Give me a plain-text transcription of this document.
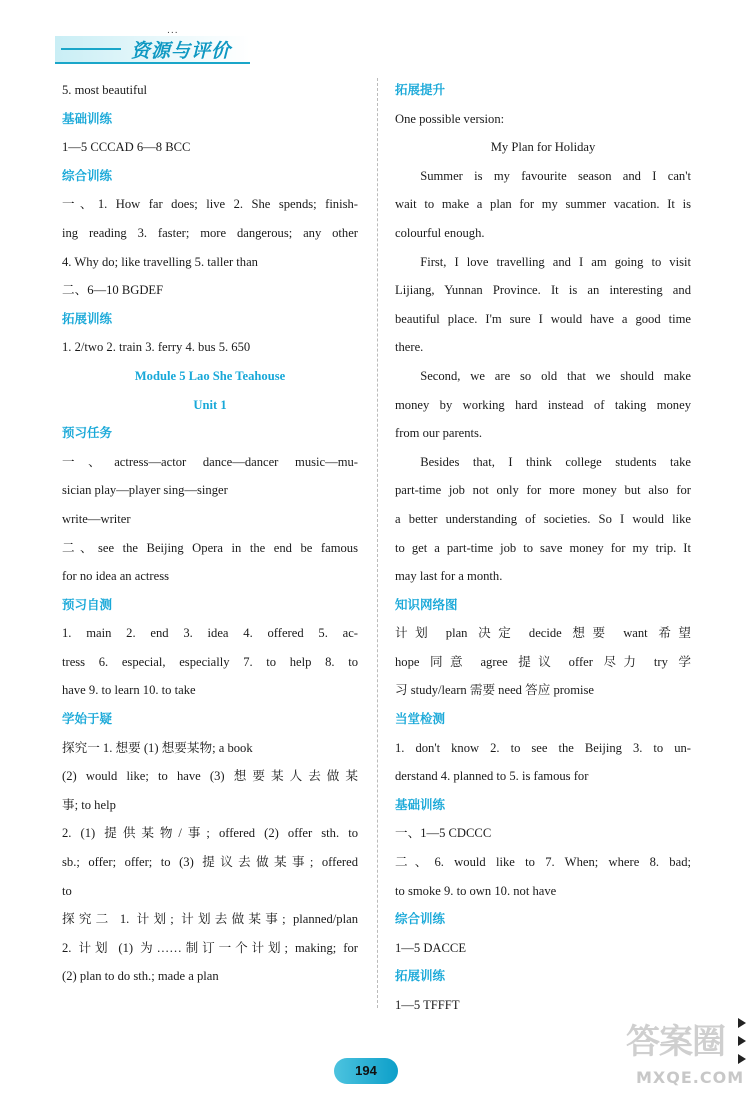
...
资源与评价
5. most beautiful
基础训练
1—5 CCCAD 6—8 BCC
综合训练
一、1. How far does; live 2. She spends; finish-
ing reading 3. faster; more dangerous; any other
4. Why do; like travelling 5. taller than
二、6—10 BGDEF
拓展训练
1. 2/two 2. train 3. ferry 4. bus 5. 650
Module 5 Lao She Teahouse
Unit 1
预习任务
一、actress—actor dance—dancer music—mu-
sician play—player sing—singer
write—writer
二、see the Beijing Opera in the end be famous
for no idea an actress
预习自测
1. main 2. end 3. idea 4. offered 5. ac-
tress 6. especial, especially 7. to help 8. to
have 9. to learn 10. to take
学始于疑
探究一 1. 想要 (1) 想要某物; a book
(2) would like; to have (3) 想要某人去做某
事; to help
2. (1) 提供某物/事; offered (2) offer sth. to
sb.; offer; offer; to (3) 提议去做某事; offered
to
探究二 1. 计划; 计划去做某事; planned/plan
2. 计划 (1) 为……制订一个计划; making; for
(2) plan to do sth.; made a plan
拓展提升
One possible version:
My Plan for Holiday
Summer is my favourite season and I can't
wait to make a plan for my summer vacation. It is
colourful enough.
First, I love travelling and I am going to visit
Lijiang, Yunnan Province. It is an interesting and
beautiful place. I'm sure I would have a good time
there.
Second, we are so old that we should make
money by working hard instead of taking money
from our parents.
Besides that, I think college students take
part-time job not only for more money but also for
a better understanding of societies. So I would like
to get a part-time job to save money for my trip. It
may last for a month.
知识网络图
计划 plan 决定 decide 想要 want 希望
hope 同意 agree 提议 offer 尽力 try 学
习 study/learn 需要 need 答应 promise
当堂检测
1. don't know 2. to see the Beijing 3. to un-
derstand 4. planned to 5. is famous for
基础训练
一、1—5 CDCCC
二、6. would like to 7. When; where 8. bad;
to smoke 9. to own 10. not have
综合训练
1—5 DACCE
拓展训练
1—5 TFFFT
194
答案圈
MXQE.COM
